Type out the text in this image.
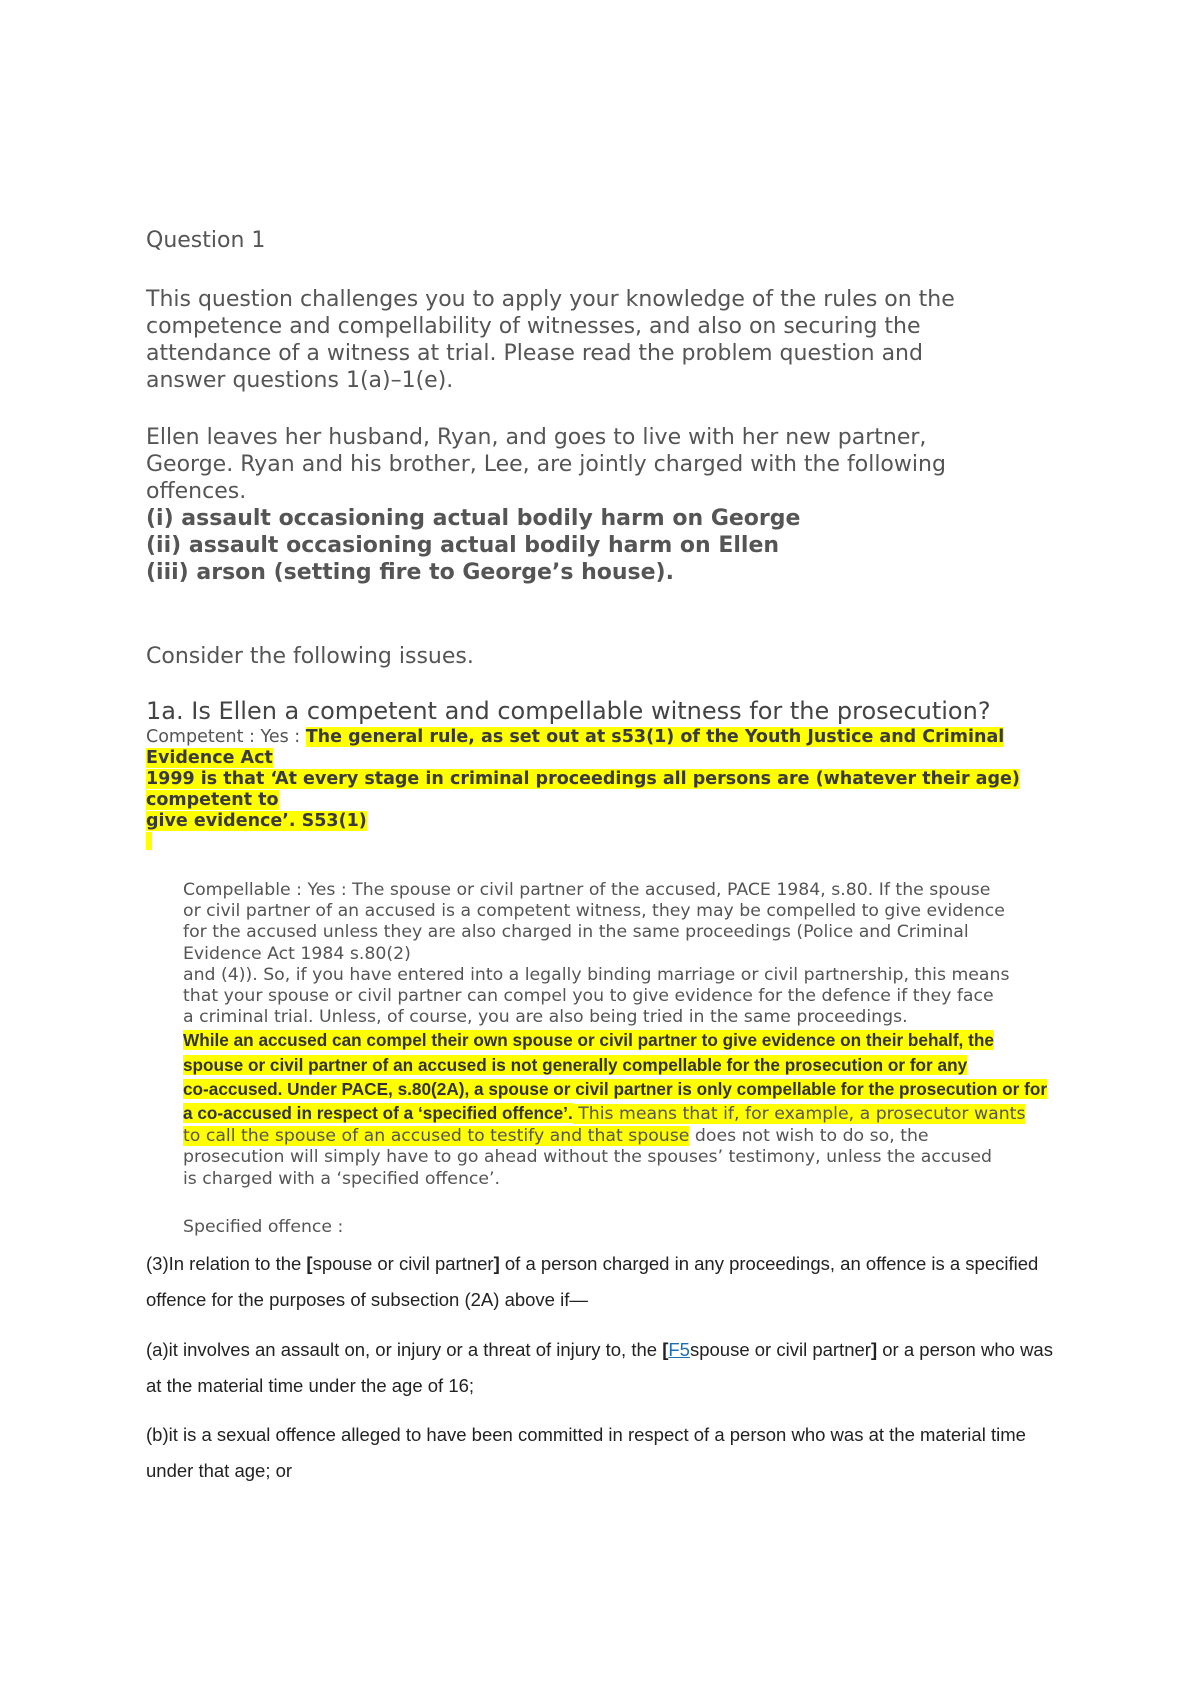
Question 1
This question challenges you to apply your knowledge of the rules on the
competence and compellability of witnesses, and also on securing the
attendance of a witness at trial. Please read the problem question and
answer questions 1(a)–1(e).
Ellen leaves her husband, Ryan, and goes to live with her new partner,
George. Ryan and his brother, Lee, are jointly charged with the following
offences.
(i) assault occasioning actual bodily harm on George
(ii) assault occasioning actual bodily harm on Ellen
(iii) arson (setting fire to George’s house).
Consider the following issues.
1a. Is Ellen a competent and compellable witness for the prosecution?
Competent : Yes : The general rule, as set out at s53(1) of the Youth Justice and Criminal
Evidence Act
1999 is that ‘At every stage in criminal proceedings all persons are (whatever their age)
competent to
give evidence’. S53(1)
Compellable : Yes : The spouse or civil partner of the accused, PACE 1984, s.80. If the spouse
or civil partner of an accused is a competent witness, they may be compelled to give evidence
for the accused unless they are also charged in the same proceedings (Police and Criminal
Evidence Act 1984 s.80(2)
and (4)). So, if you have entered into a legally binding marriage or civil partnership, this means
that your spouse or civil partner can compel you to give evidence for the defence if they face
a criminal trial. Unless, of course, you are also being tried in the same proceedings.
While an accused can compel their own spouse or civil partner to give evidence on their behalf, the
spouse or civil partner of an accused is not generally compellable for the prosecution or for any
co-accused. Under PACE, s.80(2A), a spouse or civil partner is only compellable for the prosecution or for
a co-accused in respect of a ‘specified offence’. This means that if, for example, a prosecutor wants
to call the spouse of an accused to testify and that spouse does not wish to do so, the
prosecution will simply have to go ahead without the spouses’ testimony, unless the accused
is charged with a ‘specified offence’.
Specified offence :
(3)In relation to the [spouse or civil partner] of a person charged in any proceedings, an offence is a specified
offence for the purposes of subsection (2A) above if—
(a)it involves an assault on, or injury or a threat of injury to, the [F5spouse or civil partner] or a person who was
at the material time under the age of 16;
(b)it is a sexual offence alleged to have been committed in respect of a person who was at the material time
under that age; or
